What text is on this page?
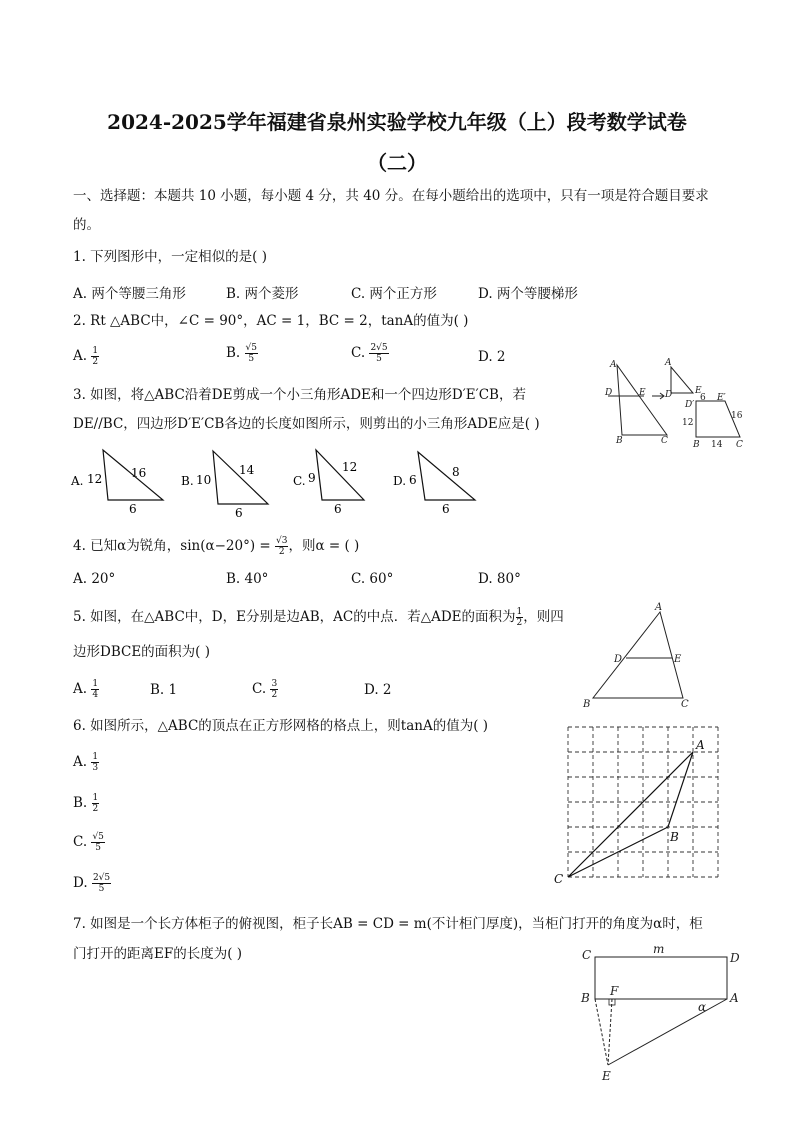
2024-2025学年福建省泉州实验学校九年级（上）段考数学试卷
（二）
一、选择题：本题共 10 小题，每小题 4 分，共 40 分。在每小题给出的选项中，只有一项是符合题目要求
的。
1. 下列图形中，一定相似的是( )
A. 两个等腰三角形	B. 两个菱形	C. 两个正方形	D. 两个等腰梯形
2. Rt △ABC中，∠C = 90°，AC = 1，BC = 2，tanA的值为( )
A. $\frac{1}{2}$	B. $\frac{√5}{5}$	C. $\frac{2√5}{5}$	D. 2
3. 如图，将△ABC沿着DE剪成一个小三角形ADE和一个四边形D′E′CB，若
DE//BC，四边形D′E′CB各边的长度如图所示，则剪出的小三角形ADE应是( )
A
D	E
B	C
A
D	E
D′
E′
B	C
6
12
16
14
A. 12 16
6
B. 10
14
6
C. 9
12
6
D. 6
8
6
4. 已知α为锐角，$\sin(\alpha-20^\circ) = \frac{√3}{2}$ ，则α = ( )
A. 20°	B. 40°	C. 60°	D. 80°
5. 如图，在△ABC中，D，E分别是边AB，AC的中点．若△ADE的面积为 $\frac{1}{2}$ ，则四
边形DBCE的面积为( )
A. $\frac{1}{4}$	B. 1	C. $\frac{3}{2}$	D. 2
A
D	E
B	C
6. 如图所示，△ABC的顶点在正方形网格的格点上，则tanA的值为( )
A. $\frac{1}{3}$
B. $\frac{1}{2}$
C. $\frac{√5}{5}$
D. $\frac{2√5}{5}$
A
B
C
7. 如图是一个长方体柜子的俯视图，柜子长AB = CD = m(不计柜门厚度)，当柜门打开的角度为α时，柜
门打开的距离EF的长度为( )	C	m
D
B F	A
α
E
